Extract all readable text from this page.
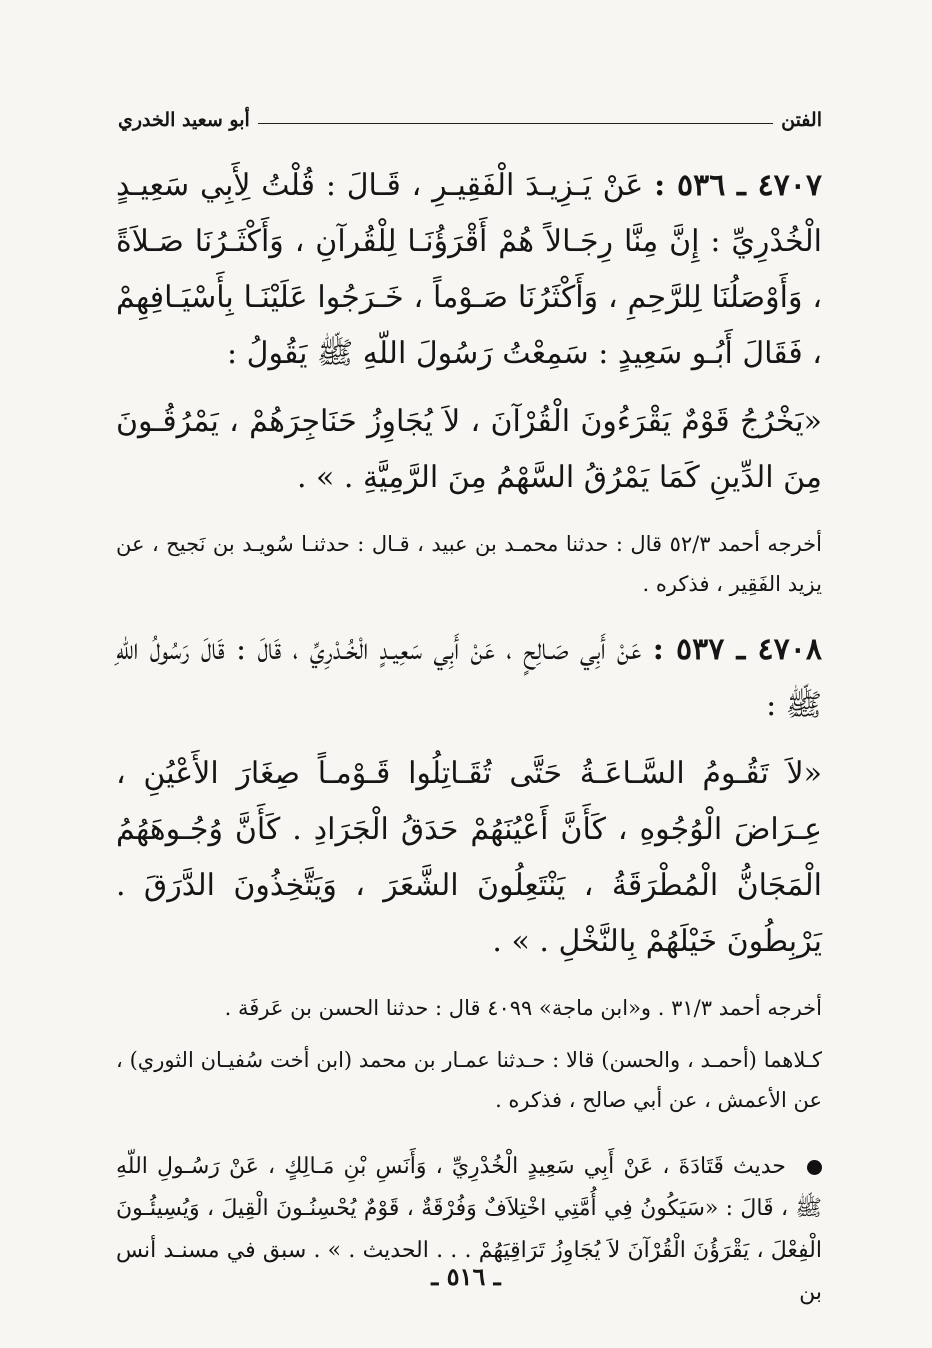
الفتن
أبو سعيد الخدري

٤٧٠٧ ـ ٥٣٦ : عَنْ يَـزِيـدَ الْفَقِيـرِ ، قَـالَ : قُلْتُ لِأَبِي سَعِيـدٍ الْخُدْرِيِّ : إِنَّ مِنَّا رِجَـالاً هُمْ أَقْرَؤُنَـا لِلْقُرآنِ ، وَأَكْثَـرُنَا صَـلاَةً ، وَأَوْصَلُنَا لِلرَّحِمِ ، وَأَكْثَرُنَا صَـوْماً ، خَـرَجُوا عَلَيْنَـا بِأَسْيَـافِهِمْ ، فَقَالَ أَبُـو سَعِيدٍ : سَمِعْتُ رَسُولَ اللّهِ ﷺ يَقُولُ :

«يَخْرُجُ قَوْمٌ يَقْرَءُونَ الْقُرْآنَ ، لاَ يُجَاوِزُ حَنَاجِرَهُمْ ، يَمْرُقُـونَ مِنَ الدِّينِ كَمَا يَمْرُقُ السَّهْمُ مِنَ الرَّمِيَّةِ . » .

أخرجه أحمد ٥٢/٣ قال : حدثنا محمـد بن عبيد ، قـال : حدثنـا سُويـد بن نَجيح ، عن يزيد الفَقِير ، فذكره .

٤٧٠٨ ـ ٥٣٧ : عَنْ أَبِي صَـالِحٍ ، عَنْ أَبِي سَعِيـدٍ الْخُـدْرِيِّ ، قَالَ : قَالَ رَسُولُ اللّهِ ﷺ :

«لاَ تَقُـومُ السَّـاعَـةُ حَتَّى تُقَـاتِلُوا قَـوْمـاً صِغَارَ الأَعْيُنِ ، عِـرَاضَ الْوُجُوهِ ، كَأَنَّ أَعْيُنَهُمْ حَدَقُ الْجَرَادِ . كَأَنَّ وُجُـوهَهُمُ الْمَجَانُّ الْمُطْرَقَةُ ، يَنْتَعِلُونَ الشَّعَرَ ، وَيَتَّخِذُونَ الدَّرَقَ . يَرْبِطُونَ خَيْلَهُمْ بِالنَّخْلِ . » .

أخرجه أحمد ٣١/٣ . و«ابن ماجة» ٤٠٩٩ قال : حدثنا الحسن بن عَرفَة .

كـلاهما (أحمـد ، والحسن) قالا : حـدثنا عمـار بن محمد (ابن أخت سُفيـان الثوري) ، عن الأعمش ، عن أبي صالح ، فذكره .

حديث قَتَادَةَ ، عَنْ أَبِي سَعِيدٍ الْخُدْرِيِّ ، وَأَنَسِ بْنِ مَـالِكٍ ، عَنْ رَسُـولِ اللّهِ ﷺ ، قَالَ : «سَيَكُونُ فِي أُمَّتِي اخْتِلاَفٌ وَفُرْقَةٌ ، قَوْمٌ يُحْسِنُـونَ الْقِيلَ ، وَيُسِيئُـونَ الْفِعْلَ ، يَقْرَؤُنَ الْقُرْآنَ لاَ يُجَاوِزُ تَرَاقِيَهُمْ . . . الحديث . » . سبق في مسنـد أنس بن

ـ ٥١٦ ـ
